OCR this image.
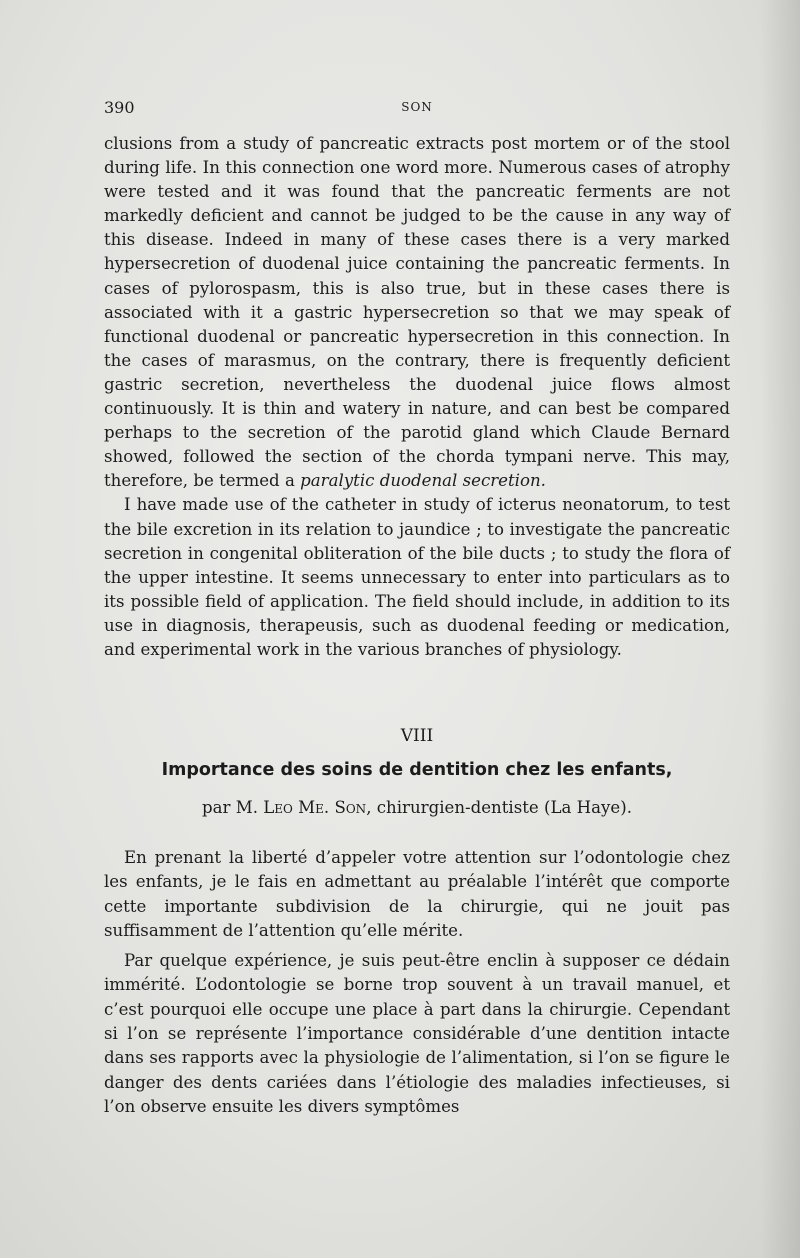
390	SON

clusions from a study of pancreatic extracts post mortem or of the stool during life. In this connection one word more. Numerous cases of atrophy were tested and it was found that the pancreatic ferments are not markedly deficient and cannot be judged to be the cause in any way of this disease. Indeed in many of these cases there is a very marked hypersecretion of duodenal juice containing the pancreatic ferments. In cases of pylorospasm, this is also true, but in these cases there is associated with it a gastric hypersecretion so that we may speak of functional duodenal or pancreatic hypersecretion in this connection. In the cases of marasmus, on the contrary, there is frequently deficient gastric secretion, nevertheless the duodenal juice flows almost continuously. It is thin and watery in nature, and can best be compared perhaps to the secretion of the parotid gland which Claude Bernard showed, followed the section of the chorda tympani nerve. This may, therefore, be termed a paralytic duodenal secretion.

I have made use of the catheter in study of icterus neonatorum, to test the bile excretion in its relation to jaundice ; to investigate the pancreatic secretion in congenital obliteration of the bile ducts ; to study the flora of the upper intestine. It seems unnecessary to enter into particulars as to its possible field of application. The field should include, in addition to its use in diagnosis, therapeusis, such as duodenal feeding or medication, and experimental work in the various branches of physiology.

VIII
Importance des soins de dentition chez les enfants,
par M. Leo Me. Son, chirurgien-dentiste (La Haye).

En prenant la liberté d’appeler votre attention sur l’odontologie chez les enfants, je le fais en admettant au préalable l’intérêt que comporte cette importante subdivision de la chirurgie, qui ne jouit pas suffisamment de l’attention qu’elle mérite.

Par quelque expérience, je suis peut-être enclin à supposer ce dédain immérité. L’odontologie se borne trop souvent à un travail manuel, et c’est pourquoi elle occupe une place à part dans la chirurgie. Cependant si l’on se représente l’importance considérable d’une dentition intacte dans ses rapports avec la physiologie de l’alimentation, si l’on se figure le danger des dents cariées dans l’étiologie des maladies infectieuses, si l’on observe ensuite les divers symptômes
